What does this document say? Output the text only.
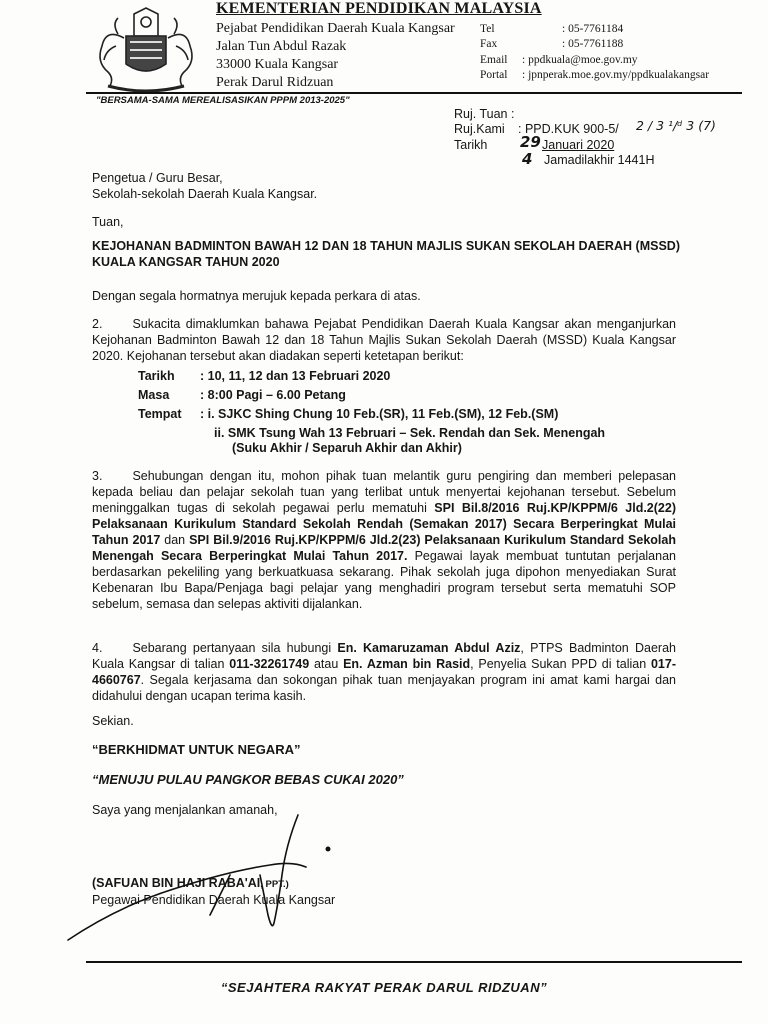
KEMENTERIAN PENDIDIKAN MALAYSIA
Pejabat Pendidikan Daerah Kuala Kangsar
Jalan Tun Abdul Razak
33000 Kuala Kangsar
Perak Darul Ridzuan
Tel	: 05-7761184
Fax	: 05-7761188
Email : ppdkuala@moe.gov.my
Portal : jpnperak.moe.gov.my/ppdkualakangsar
"BERSAMA-SAMA MEREALISASIKAN PPPM 2013-2025"
Ruj. Tuan :
Ruj.Kami : PPD.KUK 900-5/ 2 / 3 ¹/ᵈ 3 (7)
Tarikh 29 Januari 2020
4 Jamadilakhir 1441H
Pengetua / Guru Besar,
Sekolah-sekolah Daerah Kuala Kangsar.
Tuan,
KEJOHANAN BADMINTON BAWAH 12 DAN 18 TAHUN MAJLIS SUKAN SEKOLAH DAERAH (MSSD) KUALA KANGSAR TAHUN 2020
Dengan segala hormatnya merujuk kepada perkara di atas.
2. Sukacita dimaklumkan bahawa Pejabat Pendidikan Daerah Kuala Kangsar akan menganjurkan Kejohanan Badminton Bawah 12 dan 18 Tahun Majlis Sukan Sekolah Daerah (MSSD) Kuala Kangsar 2020. Kejohanan tersebut akan diadakan seperti ketetapan berikut:
Tarikh : 10, 11, 12 dan 13 Februari 2020
Masa : 8:00 Pagi – 6.00 Petang
Tempat : i. SJKC Shing Chung 10 Feb.(SR), 11 Feb.(SM), 12 Feb.(SM)
ii. SMK Tsung Wah 13 Februari – Sek. Rendah dan Sek. Menengah
(Suku Akhir / Separuh Akhir dan Akhir)
3. Sehubungan dengan itu, mohon pihak tuan melantik guru pengiring dan memberi pelepasan kepada beliau dan pelajar sekolah tuan yang terlibat untuk menyertai kejohanan tersebut. Sebelum meninggalkan tugas di sekolah pegawai perlu mematuhi SPI Bil.8/2016 Ruj.KP/KPPM/6 Jld.2(22) Pelaksanaan Kurikulum Standard Sekolah Rendah (Semakan 2017) Secara Berperingkat Mulai Tahun 2017 dan SPI Bil.9/2016 Ruj.KP/KPPM/6 Jld.2(23) Pelaksanaan Kurikulum Standard Sekolah Menengah Secara Berperingkat Mulai Tahun 2017. Pegawai layak membuat tuntutan perjalanan berdasarkan pekeliling yang berkuatkuasa sekarang. Pihak sekolah juga dipohon menyediakan Surat Kebenaran Ibu Bapa/Penjaga bagi pelajar yang menghadiri program tersebut serta mematuhi SOP sebelum, semasa dan selepas aktiviti dijalankan.
4. Sebarang pertanyaan sila hubungi En. Kamaruzaman Abdul Aziz, PTPS Badminton Daerah Kuala Kangsar di talian 011-32261749 atau En. Azman bin Rasid, Penyelia Sukan PPD di talian 017-4660767. Segala kerjasama dan sokongan pihak tuan menjayakan program ini amat kami hargai dan didahului dengan ucapan terima kasih.
Sekian.
“BERKHIDMAT UNTUK NEGARA”
“MENUJU PULAU PANGKOR BEBAS CUKAI 2020”
Saya yang menjalankan amanah,
(SAFUAN BIN HAJI RABA'AI, PPT.)
Pegawai Pendidikan Daerah Kuala Kangsar
“SEJAHTERA RAKYAT PERAK DARUL RIDZUAN”
